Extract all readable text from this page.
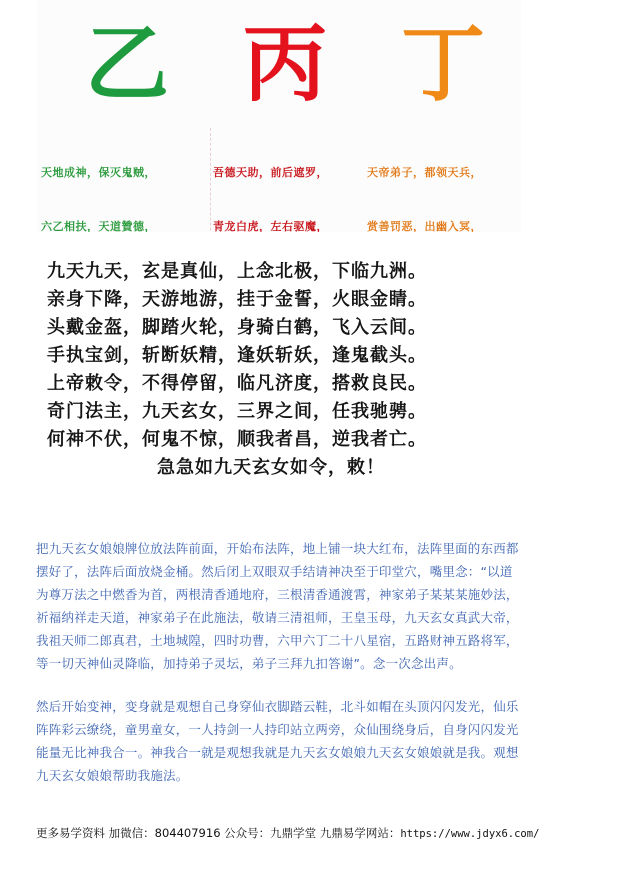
乙 丙 丁

天地成神，保灭鬼贼，

六乙相扶，天道贊德，

吾德天助，前后遮罗，

青龙白虎，左右驱魔，

天帝弟子，都领天兵，

赏善罚恶，出幽入冥，

九天九天，玄是真仙，上念北极，下临九洲。
亲身下降，天游地游，挂于金誓，火眼金睛。
头戴金盔，脚踏火轮，身骑白鹤，飞入云间。
手执宝剑，斩断妖精，逢妖斩妖，逢鬼截头。
上帝敕令，不得停留，临凡济度，搭救良民。
奇门法主，九天玄女，三界之间，任我驰骋。
何神不伏，何鬼不惊，顺我者昌，逆我者亡。
急急如九天玄女如令，敕！

把九天玄女娘娘牌位放法阵前面，开始布法阵，地上铺一块大红布，法阵里面的东西都摆好了，法阵后面放烧金桶。然后闭上双眼双手结请神决至于印堂穴，嘴里念：“以道为尊万法之中燃香为首，两根清香通地府，三根清香通渡霄，神家弟子某某某施妙法，祈福纳祥走天道，神家弟子在此施法，敬请三清祖师，王皇玉母，九天玄女真武大帝，我祖天师二郎真君，土地城隍，四时功曹，六甲六丁二十八星宿，五路财神五路将军，等一切天神仙灵降临，加持弟子灵坛，弟子三拜九扣答谢”。念一次念出声。

然后开始变神，变身就是观想自己身穿仙衣脚踏云鞋，北斗如帽在头顶闪闪发光，仙乐阵阵彩云缭绕，童男童女，一人持剑一人持印站立两旁，众仙围绕身后，自身闪闪发光能量无比神我合一。神我合一就是观想我就是九天玄女娘娘九天玄女娘娘就是我。观想九天玄女娘娘帮助我施法。

更多易学资料 加微信：804407916 公众号：九鼎学堂 九鼎易学网站：https://www.jdyx6.com/
